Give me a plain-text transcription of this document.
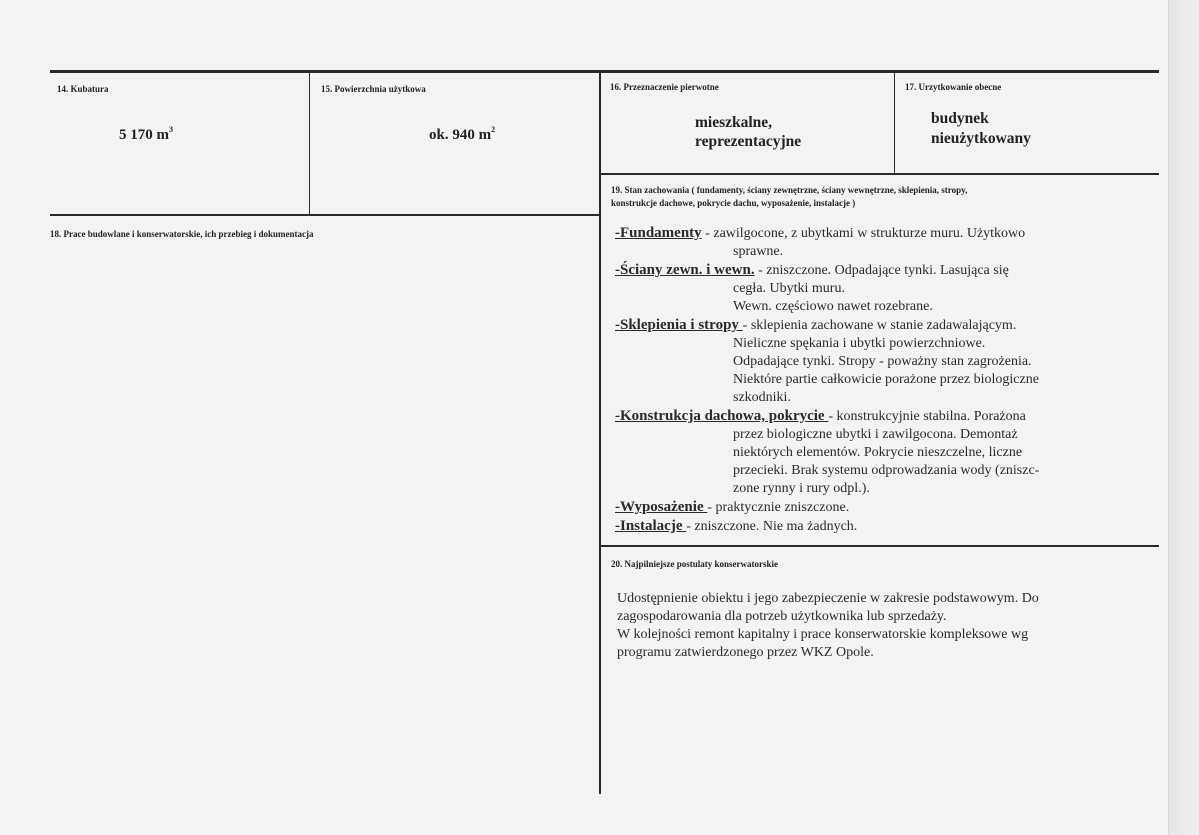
14. Kubatura
5 170 $m^3$
15. Powierzchnia użytkowa
ok. 940 $m^2$
16. Przeznaczenie pierwotne
mieszkalne,
reprezentacyjne
17. Urzytkowanie obecne
budynek
nieużytkowany
18. Prace budowlane i konserwatorskie, ich przebieg i dokumentacja
19. Stan zachowania ( fundamenty, ściany zewnętrzne, ściany wewnętrzne, sklepienia, stropy,
konstrukcje dachowe, pokrycie dachu, wyposażenie, instalacje )

-Fundamenty - zawilgocone, z ubytkami w strukturze muru. Użytkowo

sprawne.

-Ściany zewn. i wewn. - zniszczone. Odpadające tynki. Lasująca się

cegła. Ubytki muru.

Wewn. częściowo nawet rozebrane.

-Sklepienia i stropy - sklepienia zachowane w stanie zadawalającym.

Nieliczne spękania i ubytki powierzchniowe.

Odpadające tynki. Stropy - poważny stan zagrożenia.

Niektóre partie całkowicie porażone przez biologiczne

szkodniki.

-Konstrukcja dachowa, pokrycie - konstrukcyjnie stabilna. Porażona

przez biologiczne ubytki i zawilgocona. Demontaż

niektórych elementów. Pokrycie nieszczelne, liczne

przecieki. Brak systemu odprowadzania wody (zniszc-

zone rynny i rury odpl.).

-Wyposażenie - praktycznie zniszczone.

-Instalacje - zniszczone. Nie ma żadnych.

20. Najpilniejsze postulaty konserwatorskie

Udostępnienie obiektu i jego zabezpieczenie w zakresie podstawowym. Do

zagospodarowania dla potrzeb użytkownika lub sprzedaży.

W kolejności remont kapitalny i prace konserwatorskie kompleksowe wg

programu zatwierdzonego przez WKZ Opole.
